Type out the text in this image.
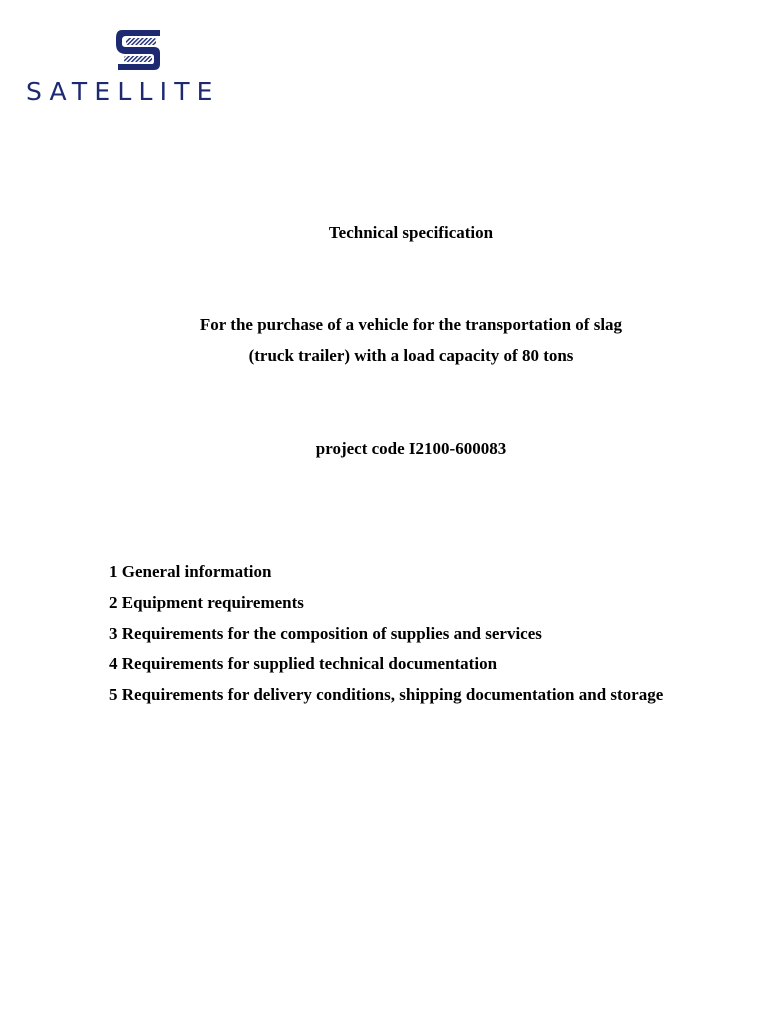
SATELLITE
Technical specification
For the purchase of a vehicle for the transportation of slag
(truck trailer) with a load capacity of 80 tons
project code I2100-600083
1 General information
2 Equipment requirements
3 Requirements for the composition of supplies and services
4 Requirements for supplied technical documentation
5 Requirements for delivery conditions, shipping documentation and storage
